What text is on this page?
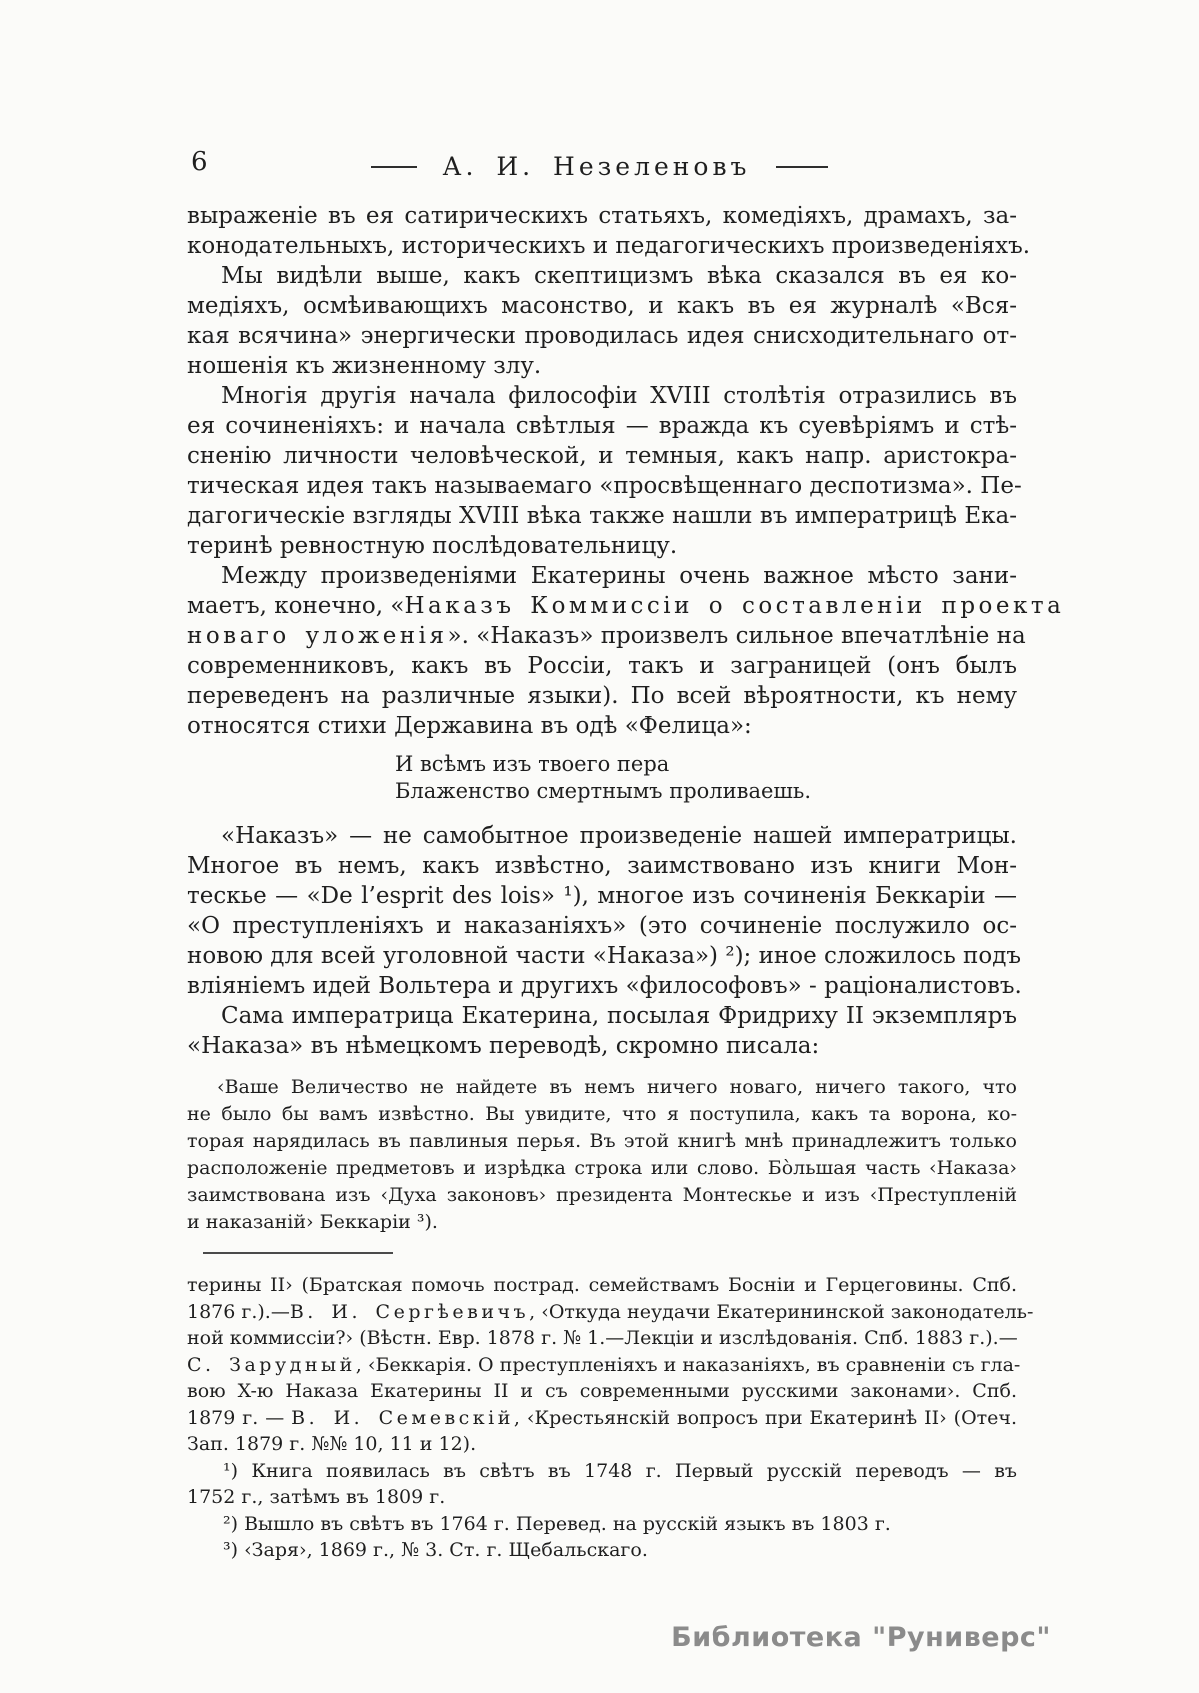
6	А. И. Незеленовъ
выраженіе въ ея сатирическихъ статьяхъ, комедіяхъ, драмахъ, за-
конодательныхъ, историческихъ и педагогическихъ произведеніяхъ.
Мы видѣли выше, какъ скептицизмъ вѣка сказался въ ея ко-
медіяхъ, осмѣивающихъ масонство, и какъ въ ея журналѣ «Вся-
кая всячина» энергически проводилась идея снисходительнаго от-
ношенія къ жизненному злу.
Многія другія начала философіи XVIII столѣтія отразились въ
ея сочиненіяхъ: и начала свѣтлыя — вражда къ суевѣріямъ и стѣ-
сненію личности человѣческой, и темныя, какъ напр. аристокра-
тическая идея такъ называемаго «просвѣщеннаго деспотизма». Пе-
дагогическіе взгляды XVIII вѣка также нашли въ императрицѣ Ека-
теринѣ ревностную послѣдовательницу.
Между произведеніями Екатерины очень важное мѣсто зани-
маетъ, конечно, «Наказъ Коммиссіи о составленіи проекта
новаго уложенія». «Наказъ» произвелъ сильное впечатлѣніе на
современниковъ, какъ въ Россіи, такъ и заграницей (онъ былъ
переведенъ на различные языки). По всей вѣроятности, къ нему
относятся стихи Державина въ одѣ «Фелица»:
И всѣмъ изъ твоего пера
Блаженство смертнымъ проливаешь.
«Наказъ» — не самобытное произведеніе нашей императрицы.
Многое въ немъ, какъ извѣстно, заимствовано изъ книги Мон-
тескье — «De l’esprit des lois» ¹), многое изъ сочиненія Беккаріи —
«О преступленіяхъ и наказаніяхъ» (это сочиненіе послужило ос-
новою для всей уголовной части «Наказа») ²); иное сложилось подъ
вліяніемъ идей Вольтера и другихъ «философовъ» - раціоналистовъ.
Сама императрица Екатерина, посылая Фридриху II экземпляръ
«Наказа» въ нѣмецкомъ переводѣ, скромно писала:
‹Ваше Величество не найдете въ немъ ничего новаго, ничего такого, что
не было бы вамъ извѣстно. Вы увидите, что я поступила, какъ та ворона, ко-
торая нарядилась въ павлиныя перья. Въ этой книгѣ мнѣ принадлежитъ только
расположеніе предметовъ и изрѣдка строка или слово. Бо̀льшая часть ‹Наказа›
заимствована изъ ‹Духа законовъ› президента Монтескье и изъ ‹Преступленій
и наказаній› Беккаріи ³).
терины II› (Братская помочь пострад. семействамъ Босніи и Герцеговины. Спб.
1876 г.).—В. И. Сергѣевичъ, ‹Откуда неудачи Екатерининской законодатель-
ной коммиссіи?› (Вѣстн. Евр. 1878 г. № 1.—Лекціи и изслѣдованія. Спб. 1883 г.).—
С. Зарудный, ‹Беккарія. О преступленіяхъ и наказаніяхъ, въ сравненіи съ гла-
вою X-ю Наказа Екатерины II и съ современными русскими законами›. Спб.
1879 г. — В. И. Семевскій, ‹Крестьянскій вопросъ при Екатеринѣ II› (Отеч.
Зап. 1879 г. №№ 10, 11 и 12).
¹) Книга появилась въ свѣтъ въ 1748 г. Первый русскій переводъ — въ
1752 г., затѣмъ въ 1809 г.
²) Вышло въ свѣтъ въ 1764 г. Перевед. на русскій языкъ въ 1803 г.
³) ‹Заря›, 1869 г., № 3. Ст. г. Щебальскаго.
Библиотека "Руниверс"
